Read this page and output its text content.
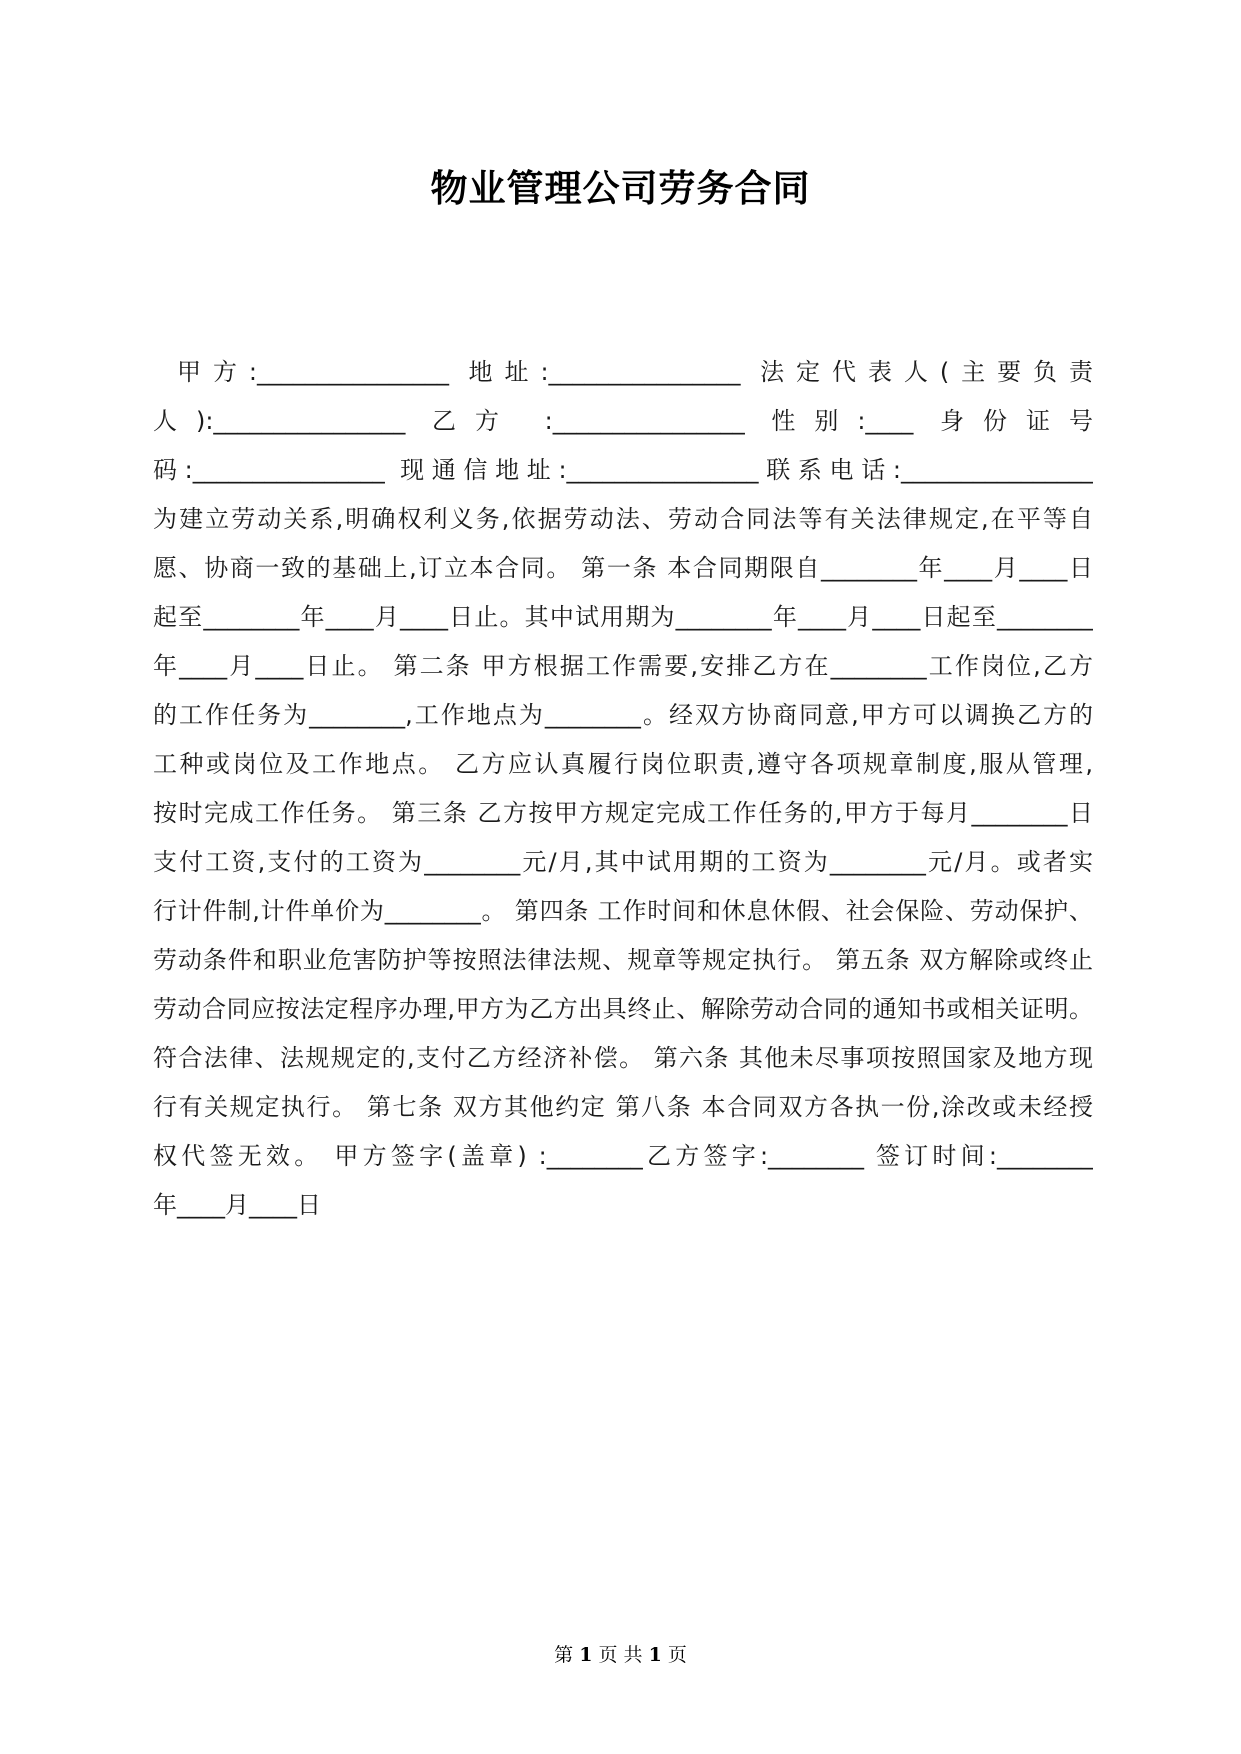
物业管理公司劳务合同
甲方:________________ 地址:________________ 法定代表人(主要负责
人):________________ 乙方 :________________ 性别:____ 身份证号
码:________________ 现通信地址:________________联系电话:________________
为建立劳动关系,明确权利义务,依据劳动法、劳动合同法等有关法律规定,在平等自
愿、协商一致的基础上,订立本合同。 第一条 本合同期限自________年____月____日
起至________年____月____日止。其中试用期为________年____月____日起至________
年____月____日止。 第二条 甲方根据工作需要,安排乙方在________工作岗位,乙方
的工作任务为________,工作地点为________。经双方协商同意,甲方可以调换乙方的
工种或岗位及工作地点。 乙方应认真履行岗位职责,遵守各项规章制度,服从管理,
按时完成工作任务。 第三条 乙方按甲方规定完成工作任务的,甲方于每月________日
支付工资,支付的工资为________元/月,其中试用期的工资为________元/月。或者实
行计件制,计件单价为________。 第四条 工作时间和休息休假、社会保险、劳动保护、
劳动条件和职业危害防护等按照法律法规、规章等规定执行。 第五条 双方解除或终止
劳动合同应按法定程序办理,甲方为乙方出具终止、解除劳动合同的通知书或相关证明。
符合法律、法规规定的,支付乙方经济补偿。 第六条 其他未尽事项按照国家及地方现
行有关规定执行。 第七条 双方其他约定 第八条 本合同双方各执一份,涂改或未经授
权代签无效。 甲方签字(盖章) :________乙方签字:________ 签订时间:________
年____月____日
第 1 页 共 1 页
